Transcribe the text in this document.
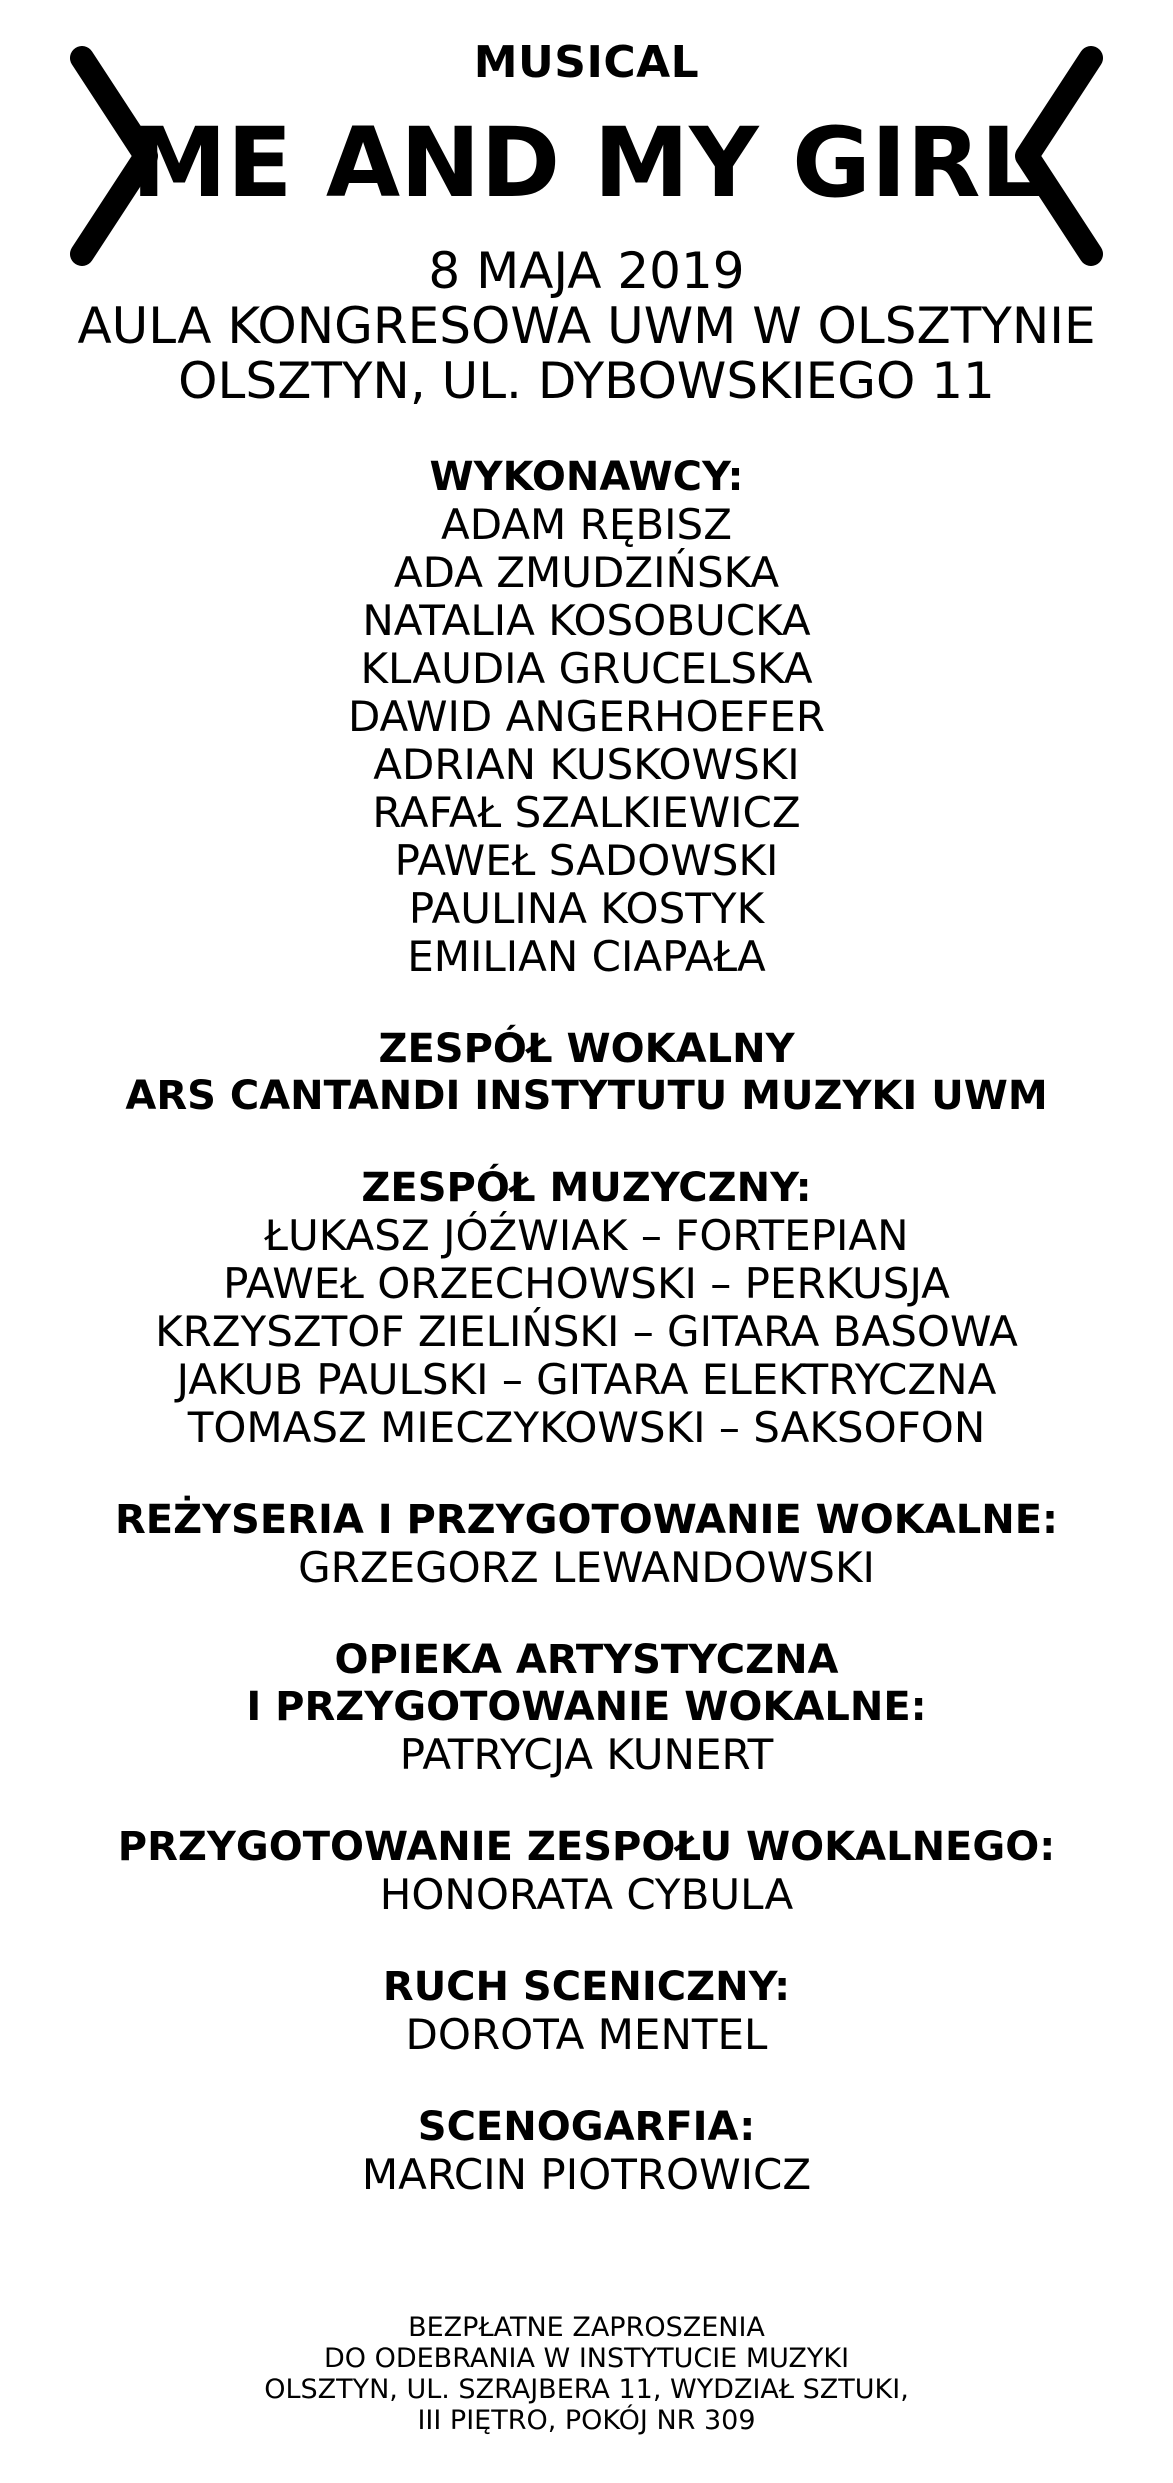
MUSICAL
ME AND MY GIRL
8 MAJA 2019
AULA KONGRESOWA UWM W OLSZTYNIE
OLSZTYN, UL. DYBOWSKIEGO 11
WYKONAWCY:
ADAM RĘBISZ
ADA ZMUDZIŃSKA
NATALIA KOSOBUCKA
KLAUDIA GRUCELSKA
DAWID ANGERHOEFER
ADRIAN KUSKOWSKI
RAFAŁ SZALKIEWICZ
PAWEŁ SADOWSKI
PAULINA KOSTYK
EMILIAN CIAPAŁA
ZESPÓŁ WOKALNY
ARS CANTANDI INSTYTUTU MUZYKI UWM
ZESPÓŁ MUZYCZNY:
ŁUKASZ JÓŹWIAK – FORTEPIAN
PAWEŁ ORZECHOWSKI – PERKUSJA
KRZYSZTOF ZIELIŃSKI – GITARA BASOWA
JAKUB PAULSKI – GITARA ELEKTRYCZNA
TOMASZ MIECZYKOWSKI – SAKSOFON
REŻYSERIA I PRZYGOTOWANIE WOKALNE:
GRZEGORZ LEWANDOWSKI
OPIEKA ARTYSTYCZNA
I PRZYGOTOWANIE WOKALNE:
PATRYCJA KUNERT
PRZYGOTOWANIE ZESPOŁU WOKALNEGO:
HONORATA CYBULA
RUCH SCENICZNY:
DOROTA MENTEL
SCENOGARFIA:
MARCIN PIOTROWICZ
BEZPŁATNE ZAPROSZENIA
DO ODEBRANIA W INSTYTUCIE MUZYKI
OLSZTYN, UL. SZRAJBERA 11, WYDZIAŁ SZTUKI,
III PIĘTRO, POKÓJ NR 309
